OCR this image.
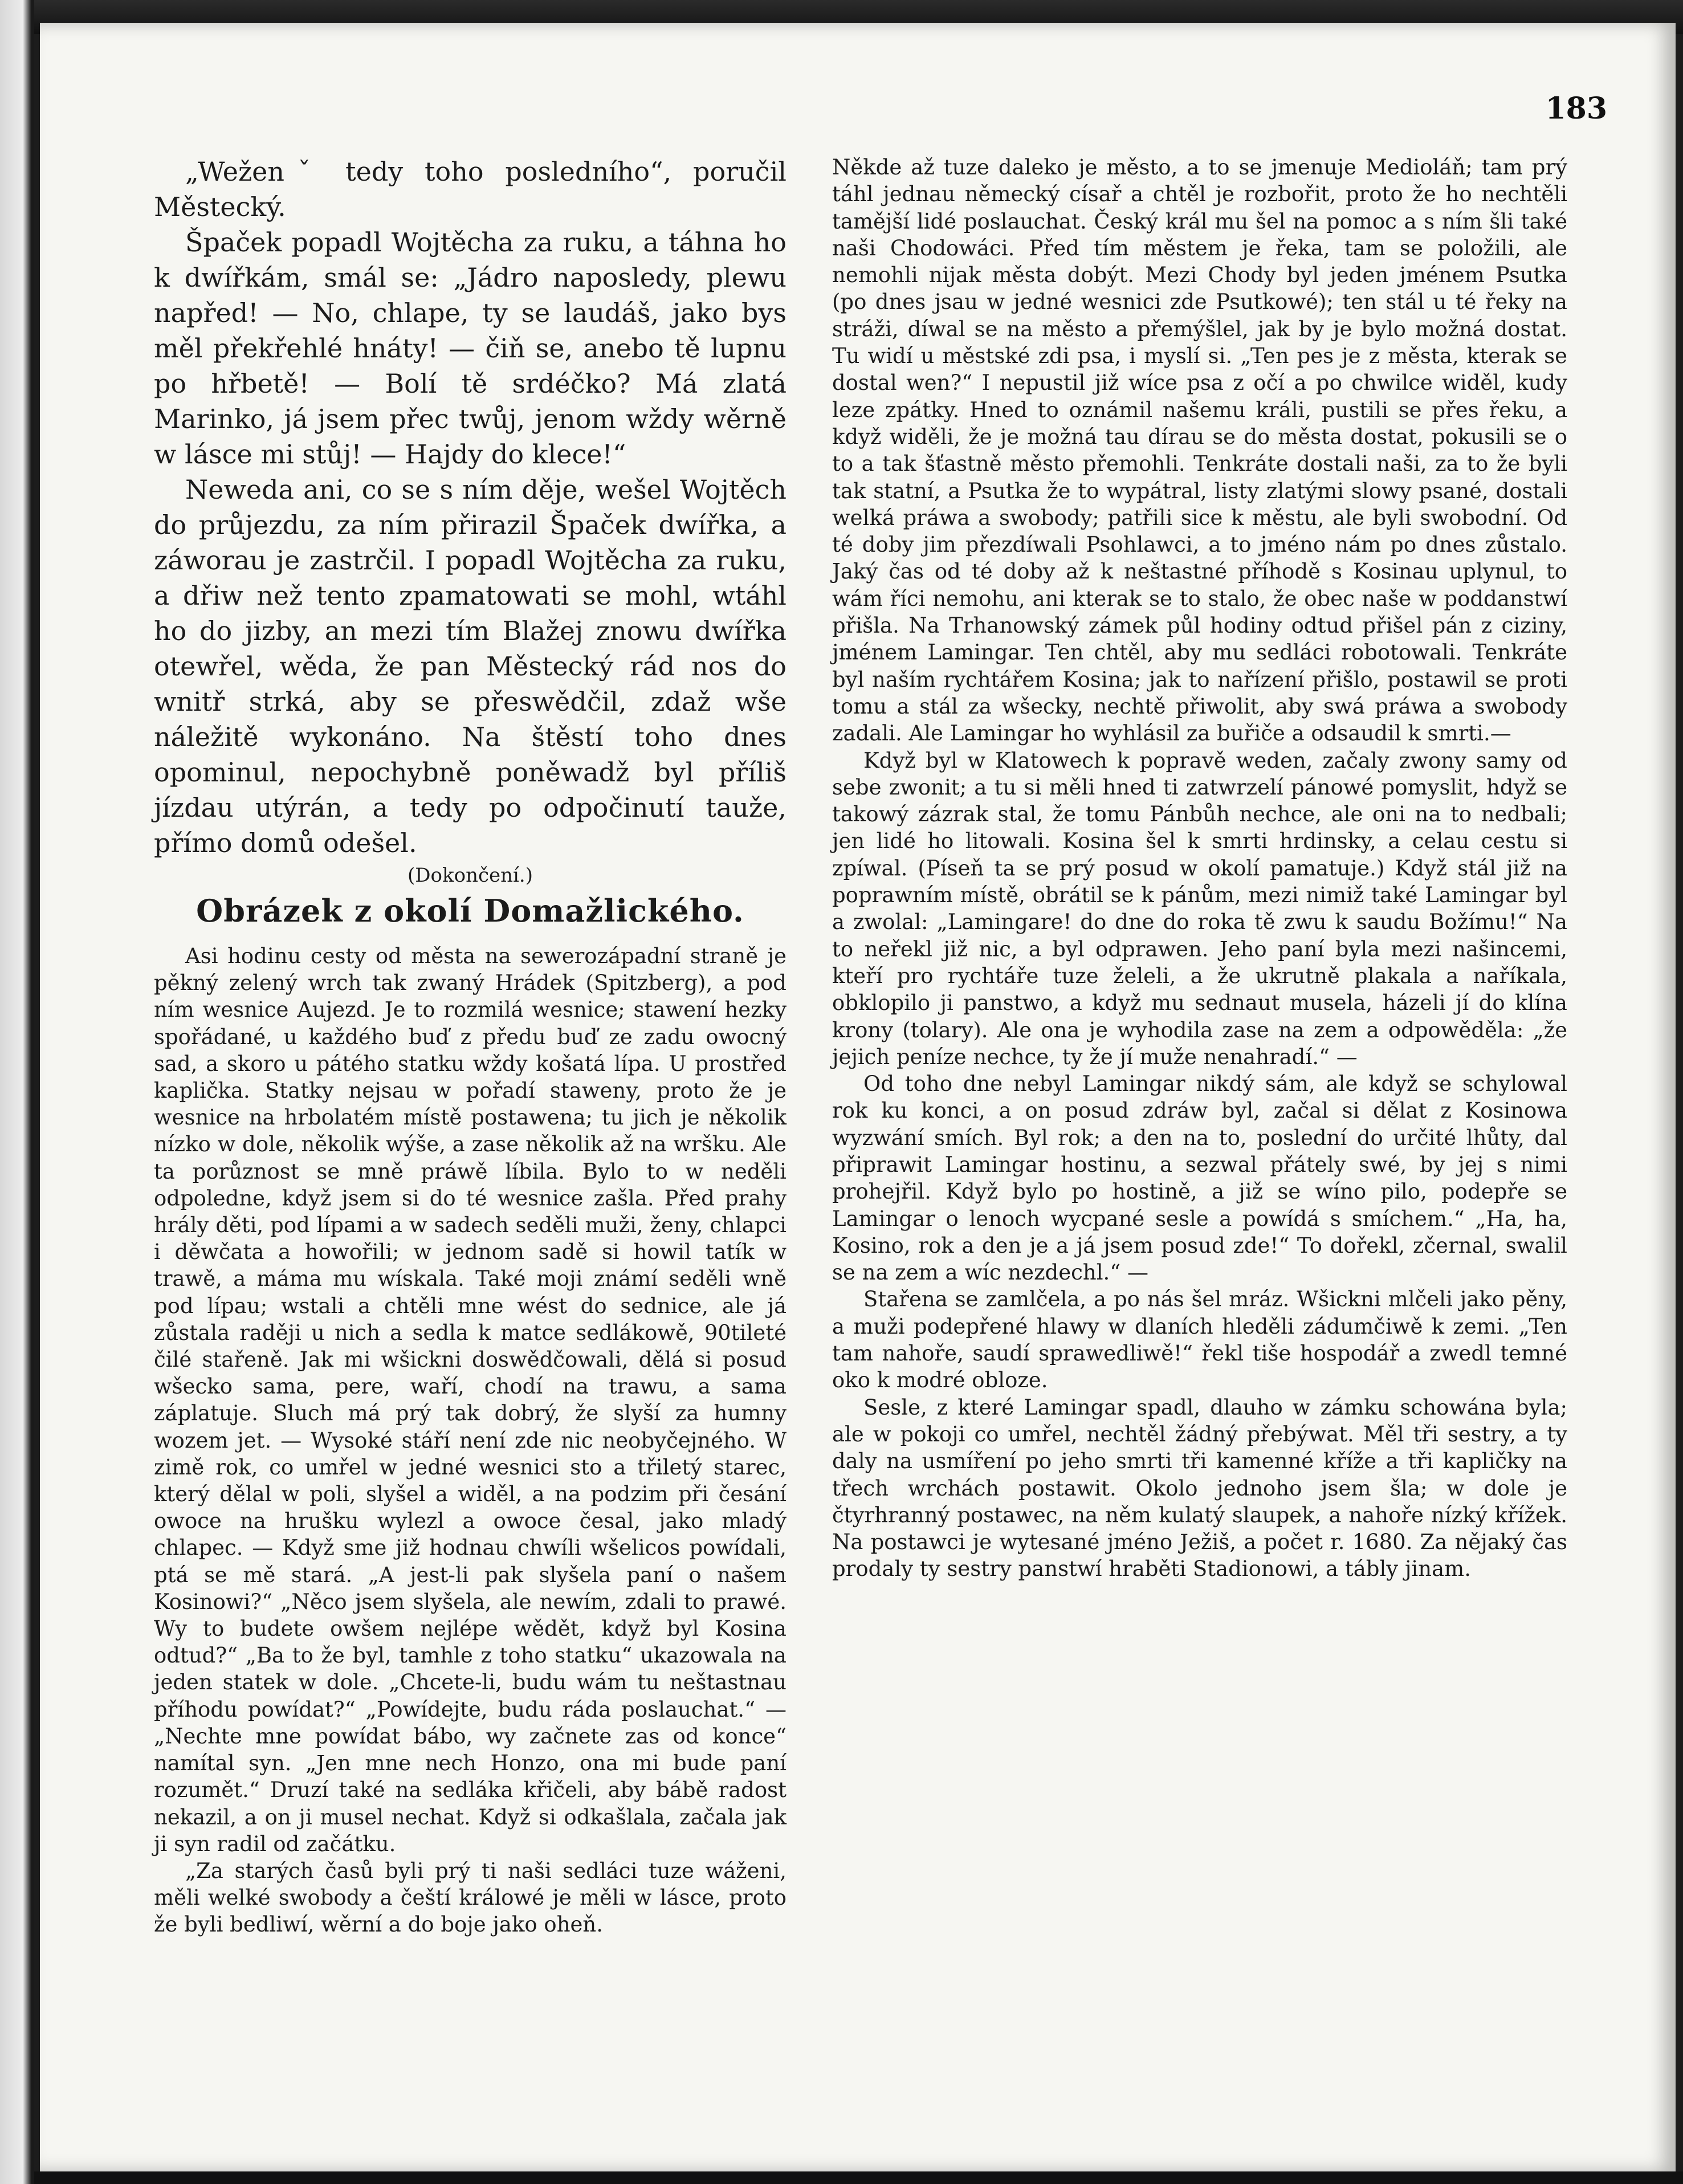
183

„Weženˇ tedy toho posledního“, poručil Městecký.

Špaček popadl Wojtěcha za ruku, a táhna ho k dwířkám, smál se: „Jádro naposledy, plewu napřed! — No, chlape, ty se laudáš, jako bys měl překřehlé hnáty! — čiň se, anebo tě lupnu po hřbetě! — Bolí tě srdéčko? Má zlatá Marinko, já jsem přec twůj, jenom wždy wěrně w lásce mi stůj! — Hajdy do klece!“

Neweda ani, co se s ním děje, wešel Wojtěch do průjezdu, za ním přirazil Špaček dwířka, a záworau je zastrčil. I popadl Wojtěcha za ruku, a dřiw než tento zpamatowati se mohl, wtáhl ho do jizby, an mezi tím Blažej znowu dwířka otewřel, wěda, že pan Městecký rád nos do wnitř strká, aby se přeswědčil, zdaž wše náležitě wykonáno. Na štěstí toho dnes opominul, nepochybně poněwadž byl příliš jízdau utýrán, a tedy po odpočinutí tauže, přímo domů odešel.

(Dokončení.)

Obrázek z okolí Domažlického.

Asi hodinu cesty od města na sewerozápadní straně je pěkný zelený wrch tak zwaný Hrádek (Spitzberg), a pod ním wesnice Aujezd. Je to rozmilá wesnice; stawení hezky spořádané, u každého buď z předu buď ze zadu owocný sad, a skoro u pátého statku wždy košatá lípa. U prostřed kaplička. Statky nejsau w pořadí staweny, proto že je wesnice na hrbolatém místě postawena; tu jich je několik nízko w dole, několik wýše, a zase několik až na wršku. Ale ta porůznost se mně práwě líbila. Bylo to w neděli odpoledne, když jsem si do té wesnice zašla. Před prahy hrály děti, pod lípami a w sadech seděli muži, ženy, chlapci i děwčata a howořili; w jednom sadě si howil tatík w trawě, a máma mu wískala. Také moji známí seděli wně pod lípau; wstali a chtěli mne wést do sednice, ale já zůstala raději u nich a sedla k matce sedlákowě, 90tileté čilé stařeně. Jak mi wšickni doswědčowali, dělá si posud wšecko sama, pere, waří, chodí na trawu, a sama záplatuje. Sluch má prý tak dobrý, že slyší za humny wozem jet. — Wysoké stáří není zde nic neobyčejného. W zimě rok, co umřel w jedné wesnici sto a třiletý starec, který dělal w poli, slyšel a widěl, a na podzim při česání owoce na hrušku wylezl a owoce česal, jako mladý chlapec. — Když sme již hodnau chwíli wšelicos powídali, ptá se mě stará. „A jest-li pak slyšela paní o našem Kosinowi?“ „Něco jsem slyšela, ale newím, zdali to prawé. Wy to budete owšem nejlépe wědět, když byl Kosina odtud?“ „Ba to že byl, tamhle z toho statku“ ukazowala na jeden statek w dole. „Chcete-li, budu wám tu neštastnau příhodu powídat?“ „Powídejte, budu ráda poslauchat.“ — „Nechte mne powídat bábo, wy začnete zas od konce“ namítal syn. „Jen mne nech Honzo, ona mi bude paní rozumět.“ Druzí také na sedláka křičeli, aby bábě radost nekazil, a on ji musel nechat. Když si odkašlala, začala jak ji syn radil od začátku.

„Za starých časů byli prý ti naši sedláci tuze wáženi, měli welké swobody a čeští králowé je měli w lásce, proto že byli bedliwí, wěrní a do boje jako oheň.

Někde až tuze daleko je město, a to se jmenuje Medioláň; tam prý táhl jednau německý císař a chtěl je rozbořit, proto že ho nechtěli tamější lidé poslauchat. Český král mu šel na pomoc a s ním šli také naši Chodowáci. Před tím městem je řeka, tam se položili, ale nemohli nijak města dobýt. Mezi Chody byl jeden jménem Psutka (po dnes jsau w jedné wesnici zde Psutkowé); ten stál u té řeky na stráži, díwal se na město a přemýšlel, jak by je bylo možná dostat. Tu widí u městské zdi psa, i myslí si. „Ten pes je z města, kterak se dostal wen?“ I nepustil již wíce psa z očí a po chwilce widěl, kudy leze zpátky. Hned to oznámil našemu králi, pustili se přes řeku, a když widěli, že je možná tau dírau se do města dostat, pokusili se o to a tak šťastně město přemohli. Tenkráte dostali naši, za to že byli tak statní, a Psutka že to wypátral, listy zlatými slowy psané, dostali welká práwa a swobody; patřili sice k městu, ale byli swobodní. Od té doby jim přezdíwali Psohlawci, a to jméno nám po dnes zůstalo. Jaký čas od té doby až k neštastné příhodě s Kosinau uplynul, to wám říci nemohu, ani kterak se to stalo, že obec naše w poddanstwí přišla. Na Trhanowský zámek půl hodiny odtud přišel pán z ciziny, jménem Lamingar. Ten chtěl, aby mu sedláci robotowali. Tenkráte byl naším rychtářem Kosina; jak to nařízení přišlo, postawil se proti tomu a stál za wšecky, nechtě přiwolit, aby swá práwa a swobody zadali. Ale Lamingar ho wyhlásil za buřiče a odsaudil k smrti.—

Když byl w Klatowech k popravě weden, začaly zwony samy od sebe zwonit; a tu si měli hned ti zatwrzelí pánowé pomyslit, hdyž se takowý zázrak stal, že tomu Pánbůh nechce, ale oni na to nedbali; jen lidé ho litowali. Kosina šel k smrti hrdinsky, a celau cestu si zpíwal. (Píseň ta se prý posud w okolí pamatuje.) Když stál již na poprawním místě, obrátil se k pánům, mezi nimiž také Lamingar byl a zwolal: „Lamingare! do dne do roka tě zwu k saudu Božímu!“ Na to neřekl již nic, a byl odprawen. Jeho paní byla mezi našincemi, kteří pro rychtáře tuze želeli, a že ukrutně plakala a naříkala, obklopilo ji panstwo, a když mu sednaut musela, házeli jí do klína krony (tolary). Ale ona je wyhodila zase na zem a odpowěděla: „že jejich peníze nechce, ty že jí muže nenahradí.“ —

Od toho dne nebyl Lamingar nikdý sám, ale když se schylowal rok ku konci, a on posud zdráw byl, začal si dělat z Kosinowa wyzwání smích. Byl rok; a den na to, poslední do určité lhůty, dal připrawit Lamingar hostinu, a sezwal přátely swé, by jej s nimi prohejřil. Když bylo po hostině, a již se wíno pilo, podepře se Lamingar o lenoch wycpané sesle a powídá s smíchem.“ „Ha, ha, Kosino, rok a den je a já jsem posud zde!“ To dořekl, zčernal, swalil se na zem a wíc nezdechl.“ —

Stařena se zamlčela, a po nás šel mráz. Wšickni mlčeli jako pěny, a muži podepřené hlawy w dlaních hleděli zádumčiwě k zemi. „Ten tam nahoře, saudí sprawedliwě!“ řekl tiše hospodář a zwedl temné oko k modré obloze.

Sesle, z které Lamingar spadl, dlauho w zámku schowána byla; ale w pokoji co umřel, nechtěl žádný přebýwat. Měl tři sestry, a ty daly na usmíření po jeho smrti tři kamenné kříže a tři kapličky na třech wrchách postawit. Okolo jednoho jsem šla; w dole je čtyrhranný postawec, na něm kulatý slaupek, a nahoře nízký křížek. Na postawci je wytesané jméno Ježiš, a počet r. 1680. Za nějaký čas prodaly ty sestry panstwí hraběti Stadionowi, a tábly jinam.
